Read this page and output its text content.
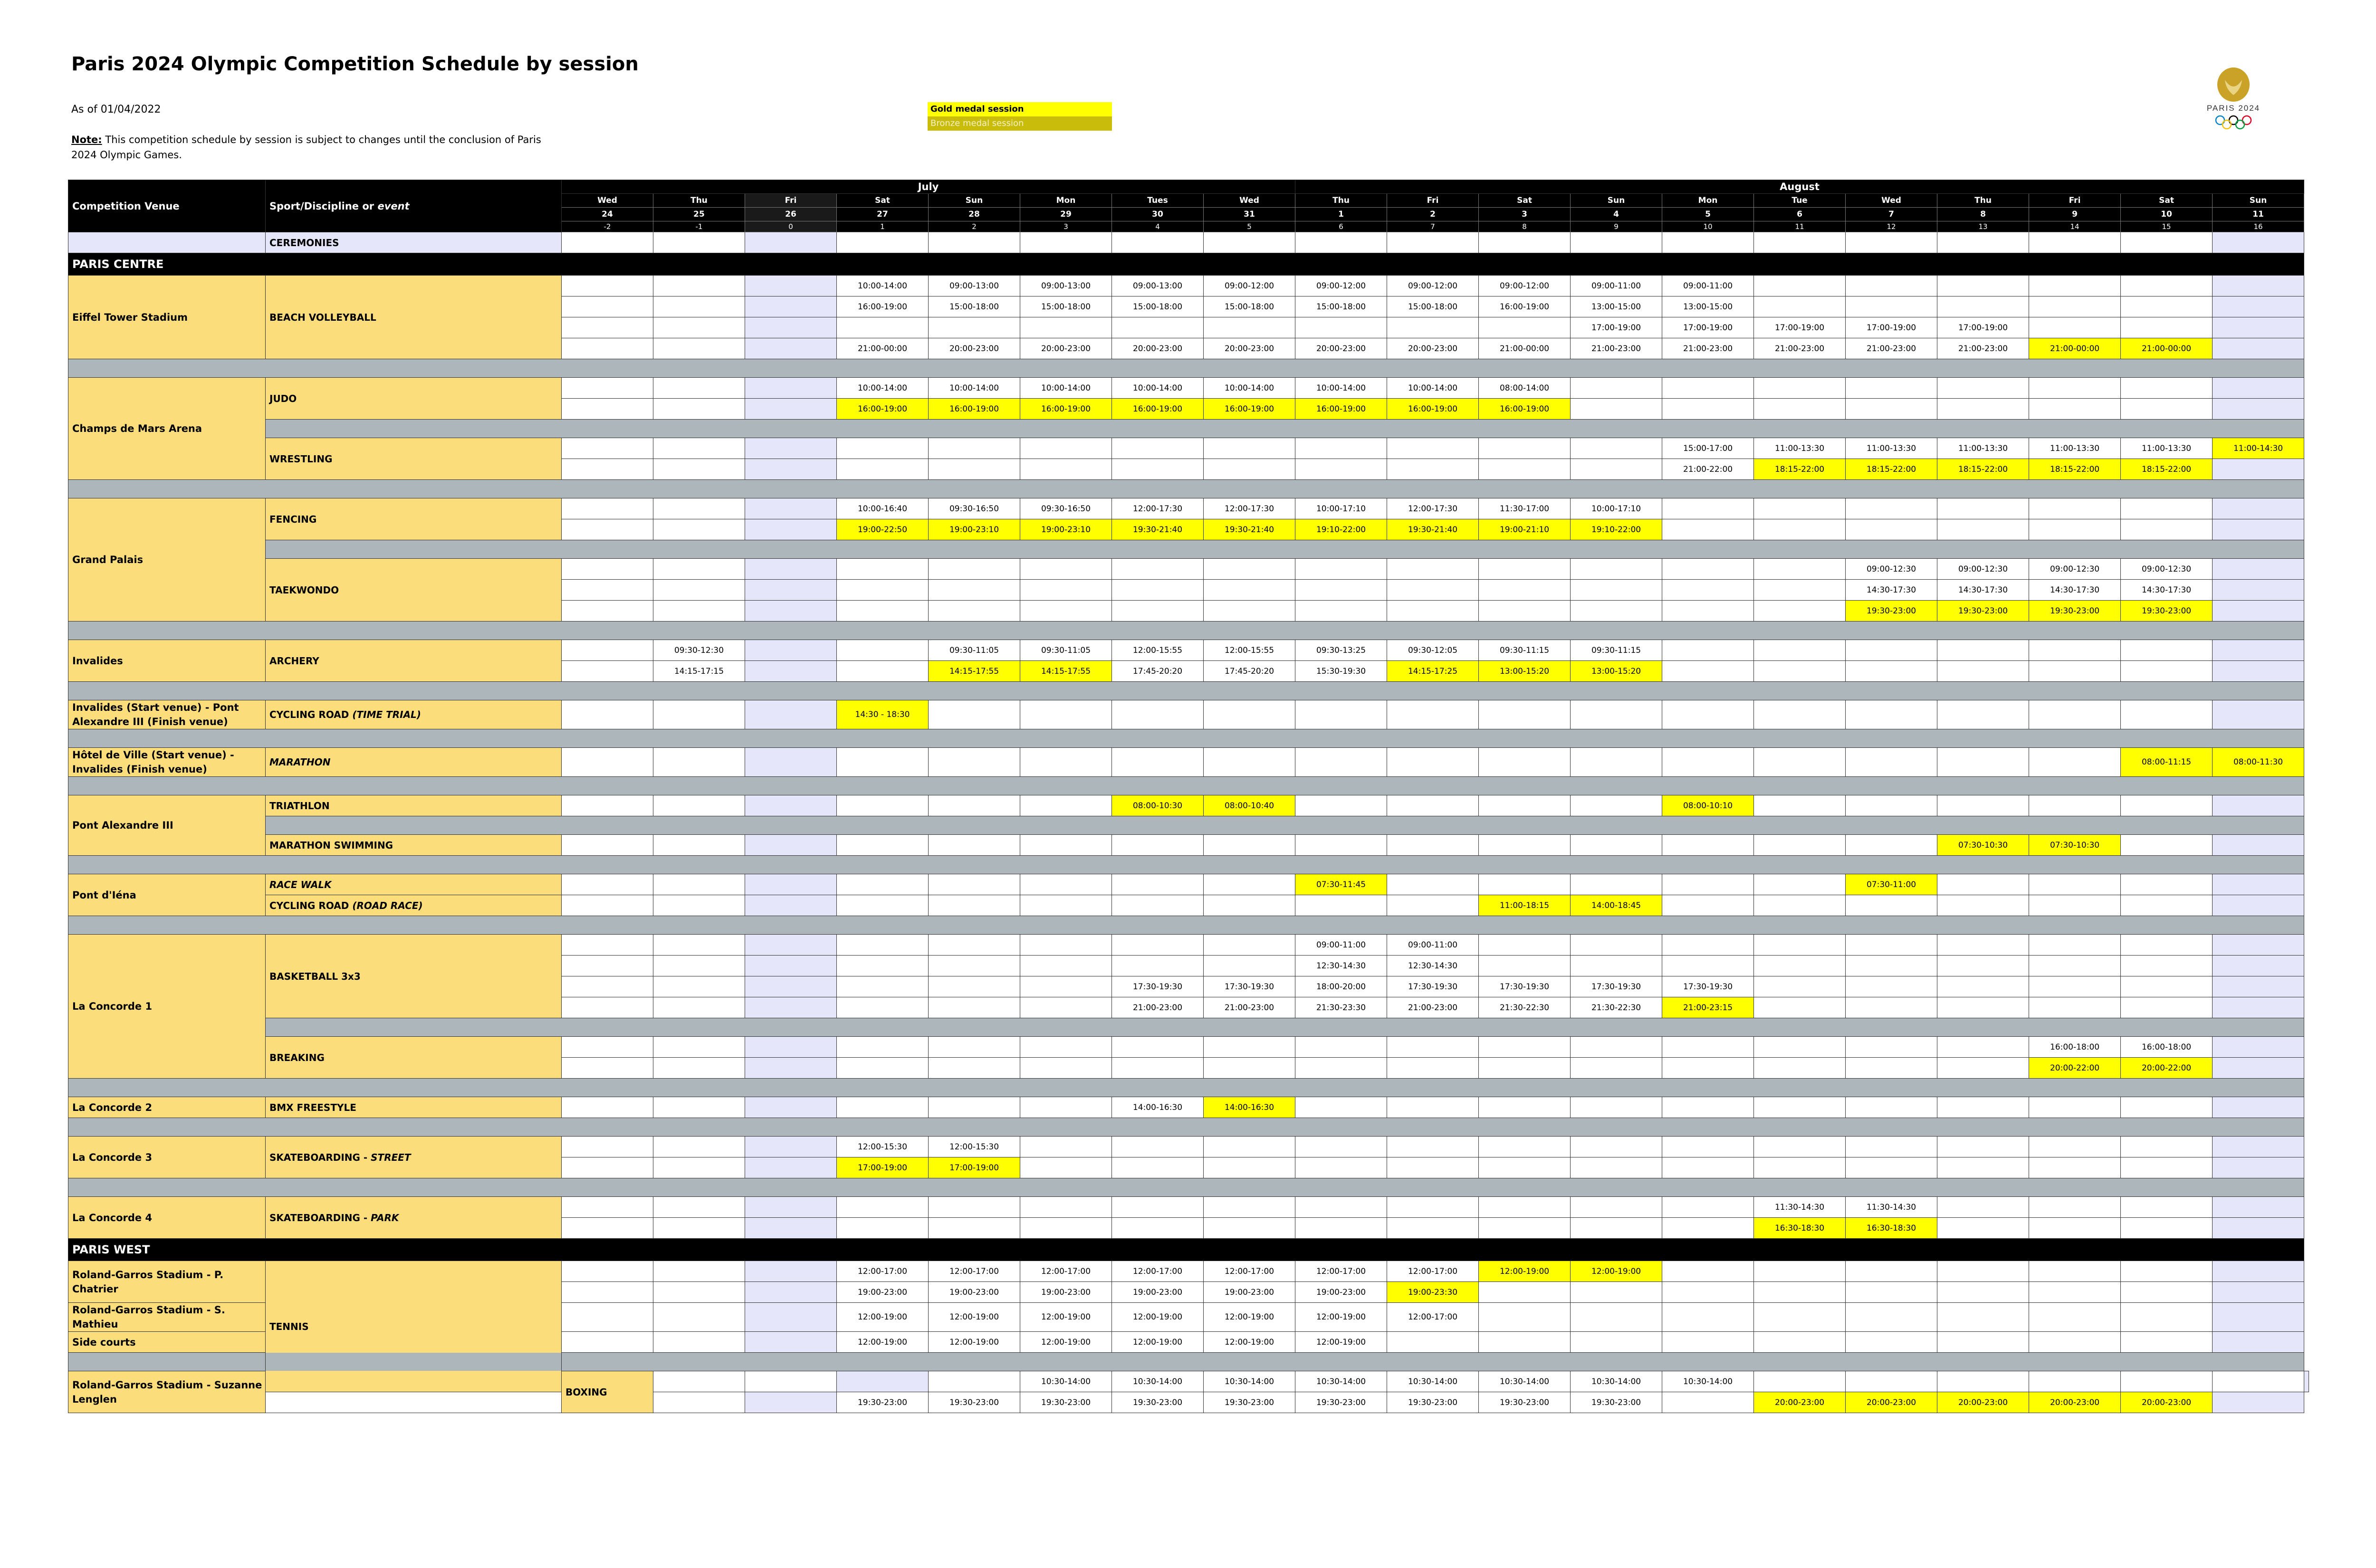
Paris 2024 Olympic Competition Schedule by session
As of 01/04/2022
Note: This competition schedule by session is subject to changes until the conclusion of Paris 2024 Olympic Games.
Gold medal session
Bronze medal session
PARIS 2024
Competition Venue	Sport/Discipline or event	July								August											
		Wed	Thu	Fri	Sat	Sun	Mon	Tues	Wed	Thu	Fri	Sat	Sun	Mon	Tue	Wed	Thu	Fri	Sat	Sun	
		24	25	26	27	28	29	30	31	1	2	3	4	5	6	7	8	9	10	11	
		-2	-1	0	1	2	3	4	5	6	7	8	9	10	11	12	13	14	15	16	
	CEREMONIES																				
PARIS CENTRE																					
Eiffel Tower Stadium	BEACH VOLLEYBALL				10:00-14:00	09:00-13:00	09:00-13:00	09:00-13:00	09:00-12:00	09:00-12:00	09:00-12:00	09:00-12:00	09:00-11:00	09:00-11:00							
					16:00-19:00	15:00-18:00	15:00-18:00	15:00-18:00	15:00-18:00	15:00-18:00	15:00-18:00	16:00-19:00	13:00-15:00	13:00-15:00							
													17:00-19:00	17:00-19:00	17:00-19:00	17:00-19:00	17:00-19:00				
					21:00-00:00	20:00-23:00	20:00-23:00	20:00-23:00	20:00-23:00	20:00-23:00	20:00-23:00	21:00-00:00	21:00-23:00	21:00-23:00	21:00-23:00	21:00-23:00	21:00-23:00	21:00-00:00	21:00-00:00		

Champs de Mars Arena	JUDO				10:00-14:00	10:00-14:00	10:00-14:00	10:00-14:00	10:00-14:00	10:00-14:00	10:00-14:00	08:00-14:00									
					16:00-19:00	16:00-19:00	16:00-19:00	16:00-19:00	16:00-19:00	16:00-19:00	16:00-19:00	16:00-19:00									

	WRESTLING													15:00-17:00	11:00-13:30	11:00-13:30	11:00-13:30	11:00-13:30	11:00-13:30	11:00-14:30	
														21:00-22:00	18:15-22:00	18:15-22:00	18:15-22:00	18:15-22:00	18:15-22:00		

Grand Palais	FENCING				10:00-16:40	09:30-16:50	09:30-16:50	12:00-17:30	12:00-17:30	10:00-17:10	12:00-17:30	11:30-17:00	10:00-17:10								
					19:00-22:50	19:00-23:10	19:00-23:10	19:30-21:40	19:30-21:40	19:10-22:00	19:30-21:40	19:00-21:10	19:10-22:00								

	TAEKWONDO															09:00-12:30	09:00-12:30	09:00-12:30	09:00-12:30		
																14:30-17:30	14:30-17:30	14:30-17:30	14:30-17:30		
																19:30-23:00	19:30-23:00	19:30-23:00	19:30-23:00		

Invalides	ARCHERY		09:30-12:30			09:30-11:05	09:30-11:05	12:00-15:55	12:00-15:55	09:30-13:25	09:30-12:05	09:30-11:15	09:30-11:15								
			14:15-17:15			14:15-17:55	14:15-17:55	17:45-20:20	17:45-20:20	15:30-19:30	14:15-17:25	13:00-15:20	13:00-15:20								

Invalides (Start venue) - Pont Alexandre III (Finish venue)	CYCLING ROAD (TIME TRIAL)				14:30 - 18:30																

Hôtel de Ville (Start venue) - Invalides (Finish venue)	MARATHON																		08:00-11:15	08:00-11:30	

Pont Alexandre III	TRIATHLON							08:00-10:30	08:00-10:40					08:00-10:10							

	MARATHON SWIMMING																07:30-10:30	07:30-10:30			

Pont d'Iéna	RACE WALK									07:30-11:45						07:30-11:00					
	CYCLING ROAD (ROAD RACE)											11:00-18:15	14:00-18:45								

La Concorde 1	BASKETBALL 3x3									09:00-11:00	09:00-11:00										
										12:30-14:30	12:30-14:30										
								17:30-19:30	17:30-19:30	18:00-20:00	17:30-19:30	17:30-19:30	17:30-19:30	17:30-19:30							
								21:00-23:00	21:00-23:00	21:30-23:30	21:00-23:00	21:30-22:30	21:30-22:30	21:00-23:15							

	BREAKING																	16:00-18:00	16:00-18:00		
																		20:00-22:00	20:00-22:00		

La Concorde 2	BMX FREESTYLE							14:00-16:30	14:00-16:30												

La Concorde 3	SKATEBOARDING - STREET				12:00-15:30	12:00-15:30															
					17:00-19:00	17:00-19:00															

La Concorde 4	SKATEBOARDING - PARK														11:30-14:30	11:30-14:30					
															16:30-18:30	16:30-18:30					
PARIS WEST																					
Roland-Garros Stadium - P. Chatrier	TENNIS				12:00-17:00	12:00-17:00	12:00-17:00	12:00-17:00	12:00-17:00	12:00-17:00	12:00-17:00	12:00-19:00	12:00-19:00								
					19:00-23:00	19:00-23:00	19:00-23:00	19:00-23:00	19:00-23:00	19:00-23:00	19:00-23:30										
Roland-Garros Stadium - S. Mathieu					12:00-19:00	12:00-19:00	12:00-19:00	12:00-19:00	12:00-19:00	12:00-19:00	12:00-17:00										
Side courts					12:00-19:00	12:00-19:00	12:00-19:00	12:00-19:00	12:00-19:00	12:00-19:00											

Roland-Garros Stadium - Suzanne Lenglen		BOXING					10:30-14:00	10:30-14:00	10:30-14:00	10:30-14:00	10:30-14:00	10:30-14:00	10:30-14:00	10:30-14:00							
					19:30-23:00	19:30-23:00	19:30-23:00	19:30-23:00	19:30-23:00	19:30-23:00	19:30-23:00	19:30-23:00	19:30-23:00		20:00-23:00	20:00-23:00	20:00-23:00	20:00-23:00	20:00-23:00		
